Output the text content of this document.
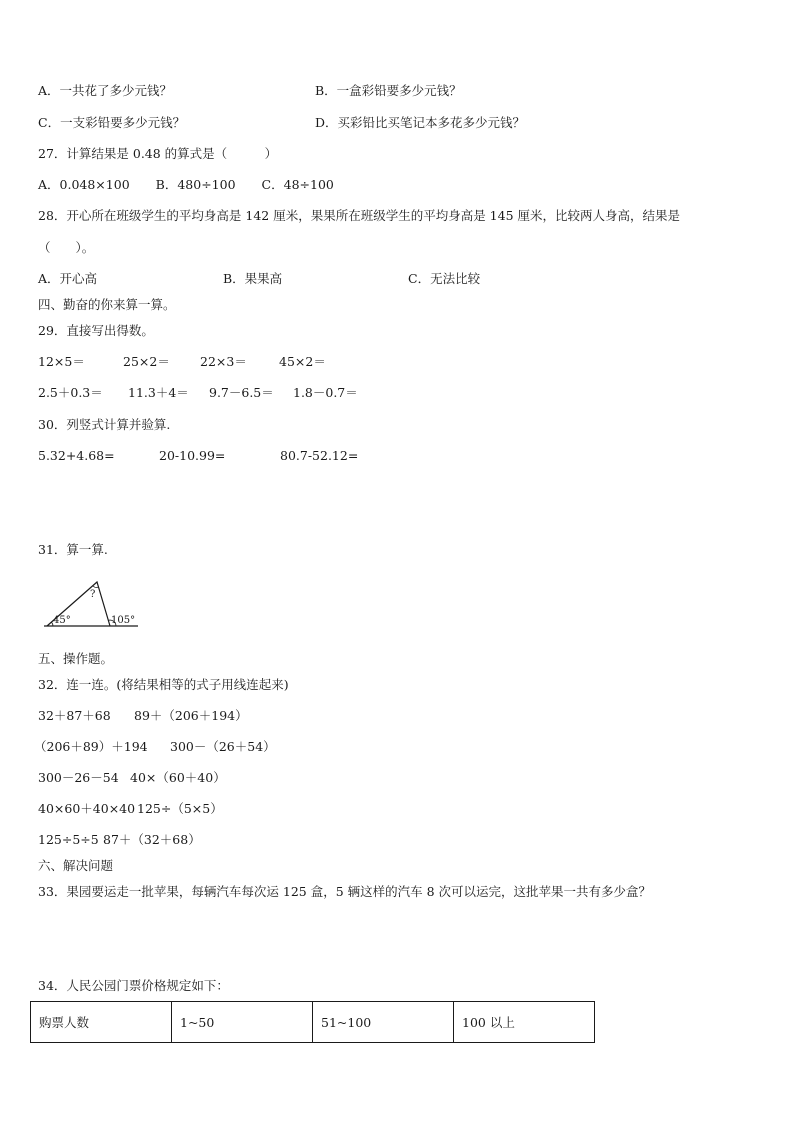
A．一共花了多少元钱？	B．一盒彩铅要多少元钱？
C．一支彩铅要多少元钱？	D．买彩铅比买笔记本多花多少元钱？
27．计算结果是 0.48 的算式是（　　　）
A．0.048×100 B．480÷100 C．48÷100
28．开心所在班级学生的平均身高是 142 厘米，果果所在班级学生的平均身高是 145 厘米，比较两人身高，结果是
（　　）。
A．开心高	B．果果高	C．无法比较
四、勤奋的你来算一算。
29．直接写出得数。
12×5＝	25×2＝ 22×3＝	45×2＝
2.5＋0.3＝ 11.3＋4＝ 9.7－6.5＝ 1.8－0.7＝
30．列竖式计算并验算.
5.32+4.68=	20-10.99=	80.7-52.12=
31．算一算.
45°
?
105°
五、操作题。
32．连一连。(将结果相等的式子用线连起来)
32＋87＋68 89＋（206＋194）
（206＋89）＋194 300－（26＋54）
300－26－54 40×（60＋40）
40×60＋40×40 125÷（5×5）
125÷5÷5 87＋（32＋68）
六、解决问题
33．果园要运走一批苹果，每辆汽车每次运 125 盒，5 辆这样的汽车 8 次可以运完，这批苹果一共有多少盒？
34．人民公园门票价格规定如下：
购票人数	1~50	51~100	100 以上
